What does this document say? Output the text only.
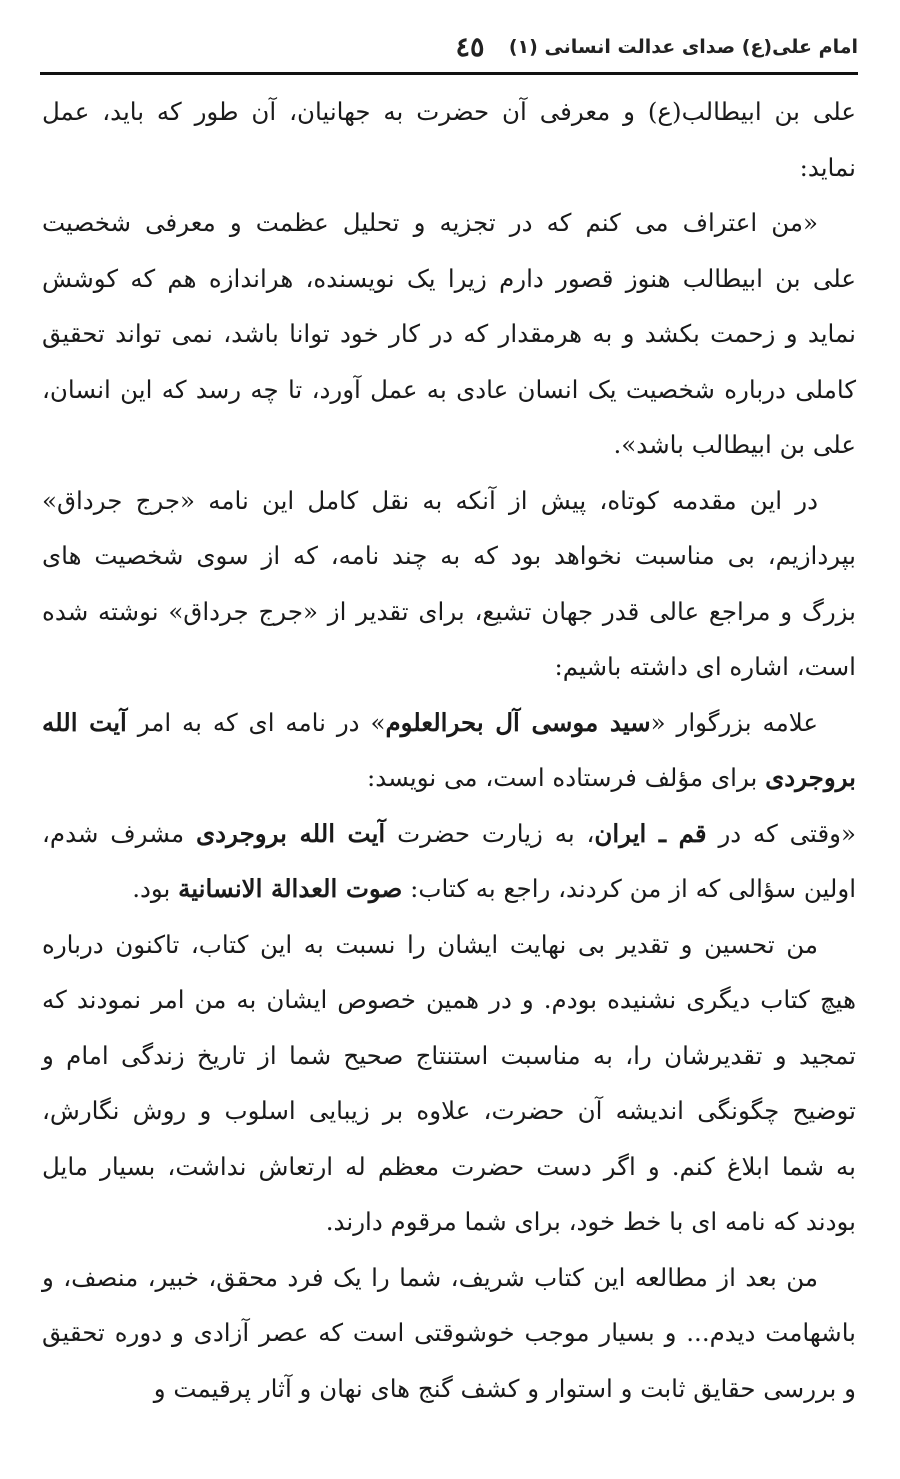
امام علی(ع) صدای عدالت انسانی (۱)
٤٥

علی بن ابیطالب(ع) و معرفی آن حضرت به جهانیان، آن طور که باید، عمل
نماید:

«من اعتراف می کنم که در تجزیه و تحلیل عظمت و معرفی شخصیت
علی بن ابیطالب هنوز قصور دارم زیرا یک نویسنده، هراندازه هم که کوشش
نماید و زحمت بکشد و به هرمقدار که در کار خود توانا باشد، نمی تواند تحقیق
کاملی درباره شخصیت یک انسان عادی به عمل آورد، تا چه رسد که این انسان،
علی بن ابیطالب باشد».

در این مقدمه کوتاه، پیش از آنکه به نقل کامل این نامه «جرج جرداق»
بپردازیم، بی مناسبت نخواهد بود که به چند نامه، که از سوی شخصیت های
بزرگ و مراجع عالی قدر جهان تشیع، برای تقدیر از «جرج جرداق» نوشته شده
است، اشاره ای داشته باشیم:

علامه بزرگوار «سید موسی آل بحرالعلوم» در نامه ای که به امر آیت الله
بروجردی برای مؤلف فرستاده است، می نویسد:

«وقتی که در قم ـ ایران، به زیارت حضرت آیت الله بروجردی مشرف شدم،
اولین سؤالی که از من کردند، راجع به کتاب: صوت العدالة الانسانیة بود.

من تحسین و تقدیر بی نهایت ایشان را نسبت به این کتاب، تاکنون درباره
هیچ کتاب دیگری نشنیده بودم. و در همین خصوص ایشان به من امر نمودند که
تمجید و تقدیرشان را، به مناسبت استنتاج صحیح شما از تاریخ زندگی امام و
توضیح چگونگی اندیشه آن حضرت، علاوه بر زیبایی اسلوب و روش نگارش،
به شما ابلاغ کنم. و اگر دست حضرت معظم له ارتعاش نداشت، بسیار مایل
بودند که نامه ای با خط خود، برای شما مرقوم دارند.

من بعد از مطالعه این کتاب شریف، شما را یک فرد محقق، خبیر، منصف، و
باشهامت دیدم... و بسیار موجب خوشوقتی است که عصر آزادی و دوره تحقیق
و بررسی حقایق ثابت و استوار و کشف گنج های نهان و آثار پرقیمت و
